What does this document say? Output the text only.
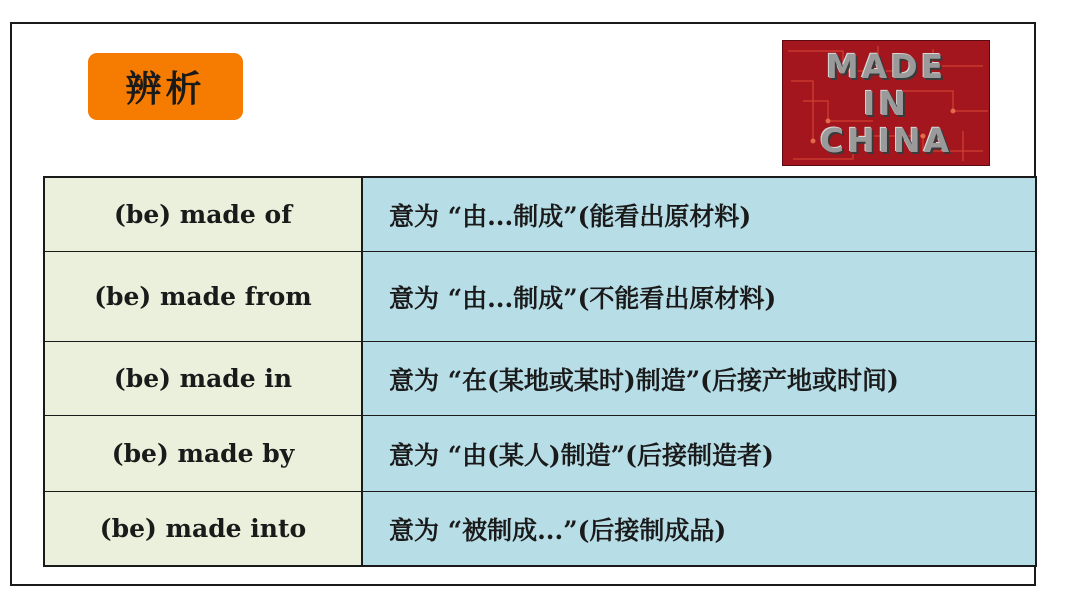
辨析
MADE
IN
CHINA
(be) made of	意为 “由...制成”(能看出原材料)
(be) made from	意为 “由...制成”(不能看出原材料)
(be) made in	意为 “在(某地或某时)制造”(后接产地或时间)
(be) made by	意为 “由(某人)制造”(后接制造者)
(be) made into	意为 “被制成...”(后接制成品)
